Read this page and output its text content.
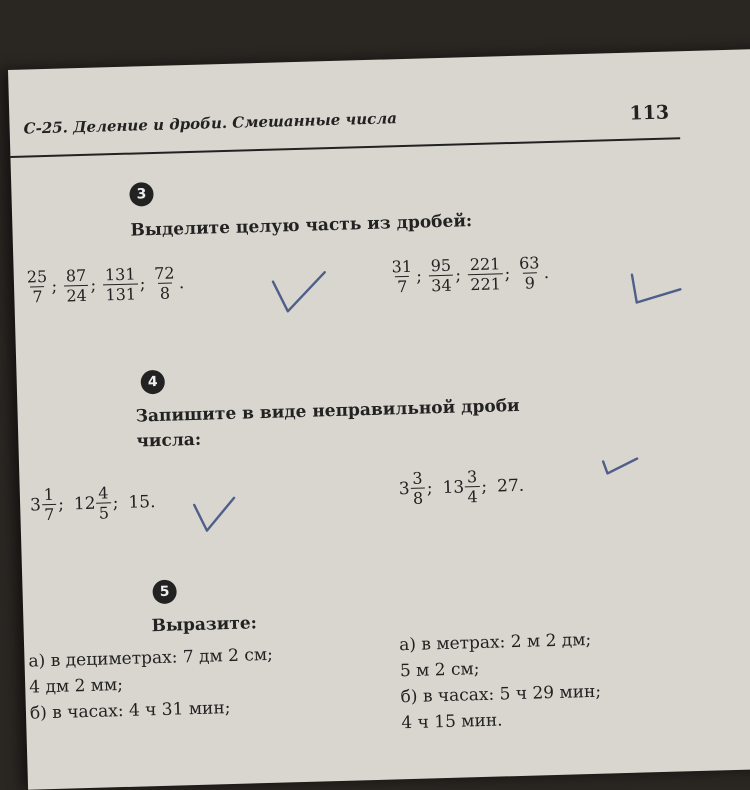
С-25. Деление и дроби. Смешанные числа	113
3
Выделите целую часть из дробей:
$\frac{25}{7}$ ; $\frac{87}{24}$ ; $\frac{131}{131}$ ; $\frac{72}{8}$ .	$\frac{31}{7}$ ; $\frac{95}{34}$ ; $\frac{221}{221}$ ; $\frac{63}{9}$ .
4
Запишите в виде неправильной дроби
числа:
$3 \frac{1}{7}$ ; $12 \frac{4}{5}$ ; 15.
$3 \frac{3}{8}$ ; $13 \frac{3}{4}$ ; 27.
5
Выразите:
а) в дециметрах: 7 дм 2 см;
4 дм 2 мм;
б) в часах: 4 ч 31 мин;
а) в метрах: 2 м 2 дм;
5 м 2 см;
б) в часах: 5 ч 29 мин;
4 ч 15 мин.
